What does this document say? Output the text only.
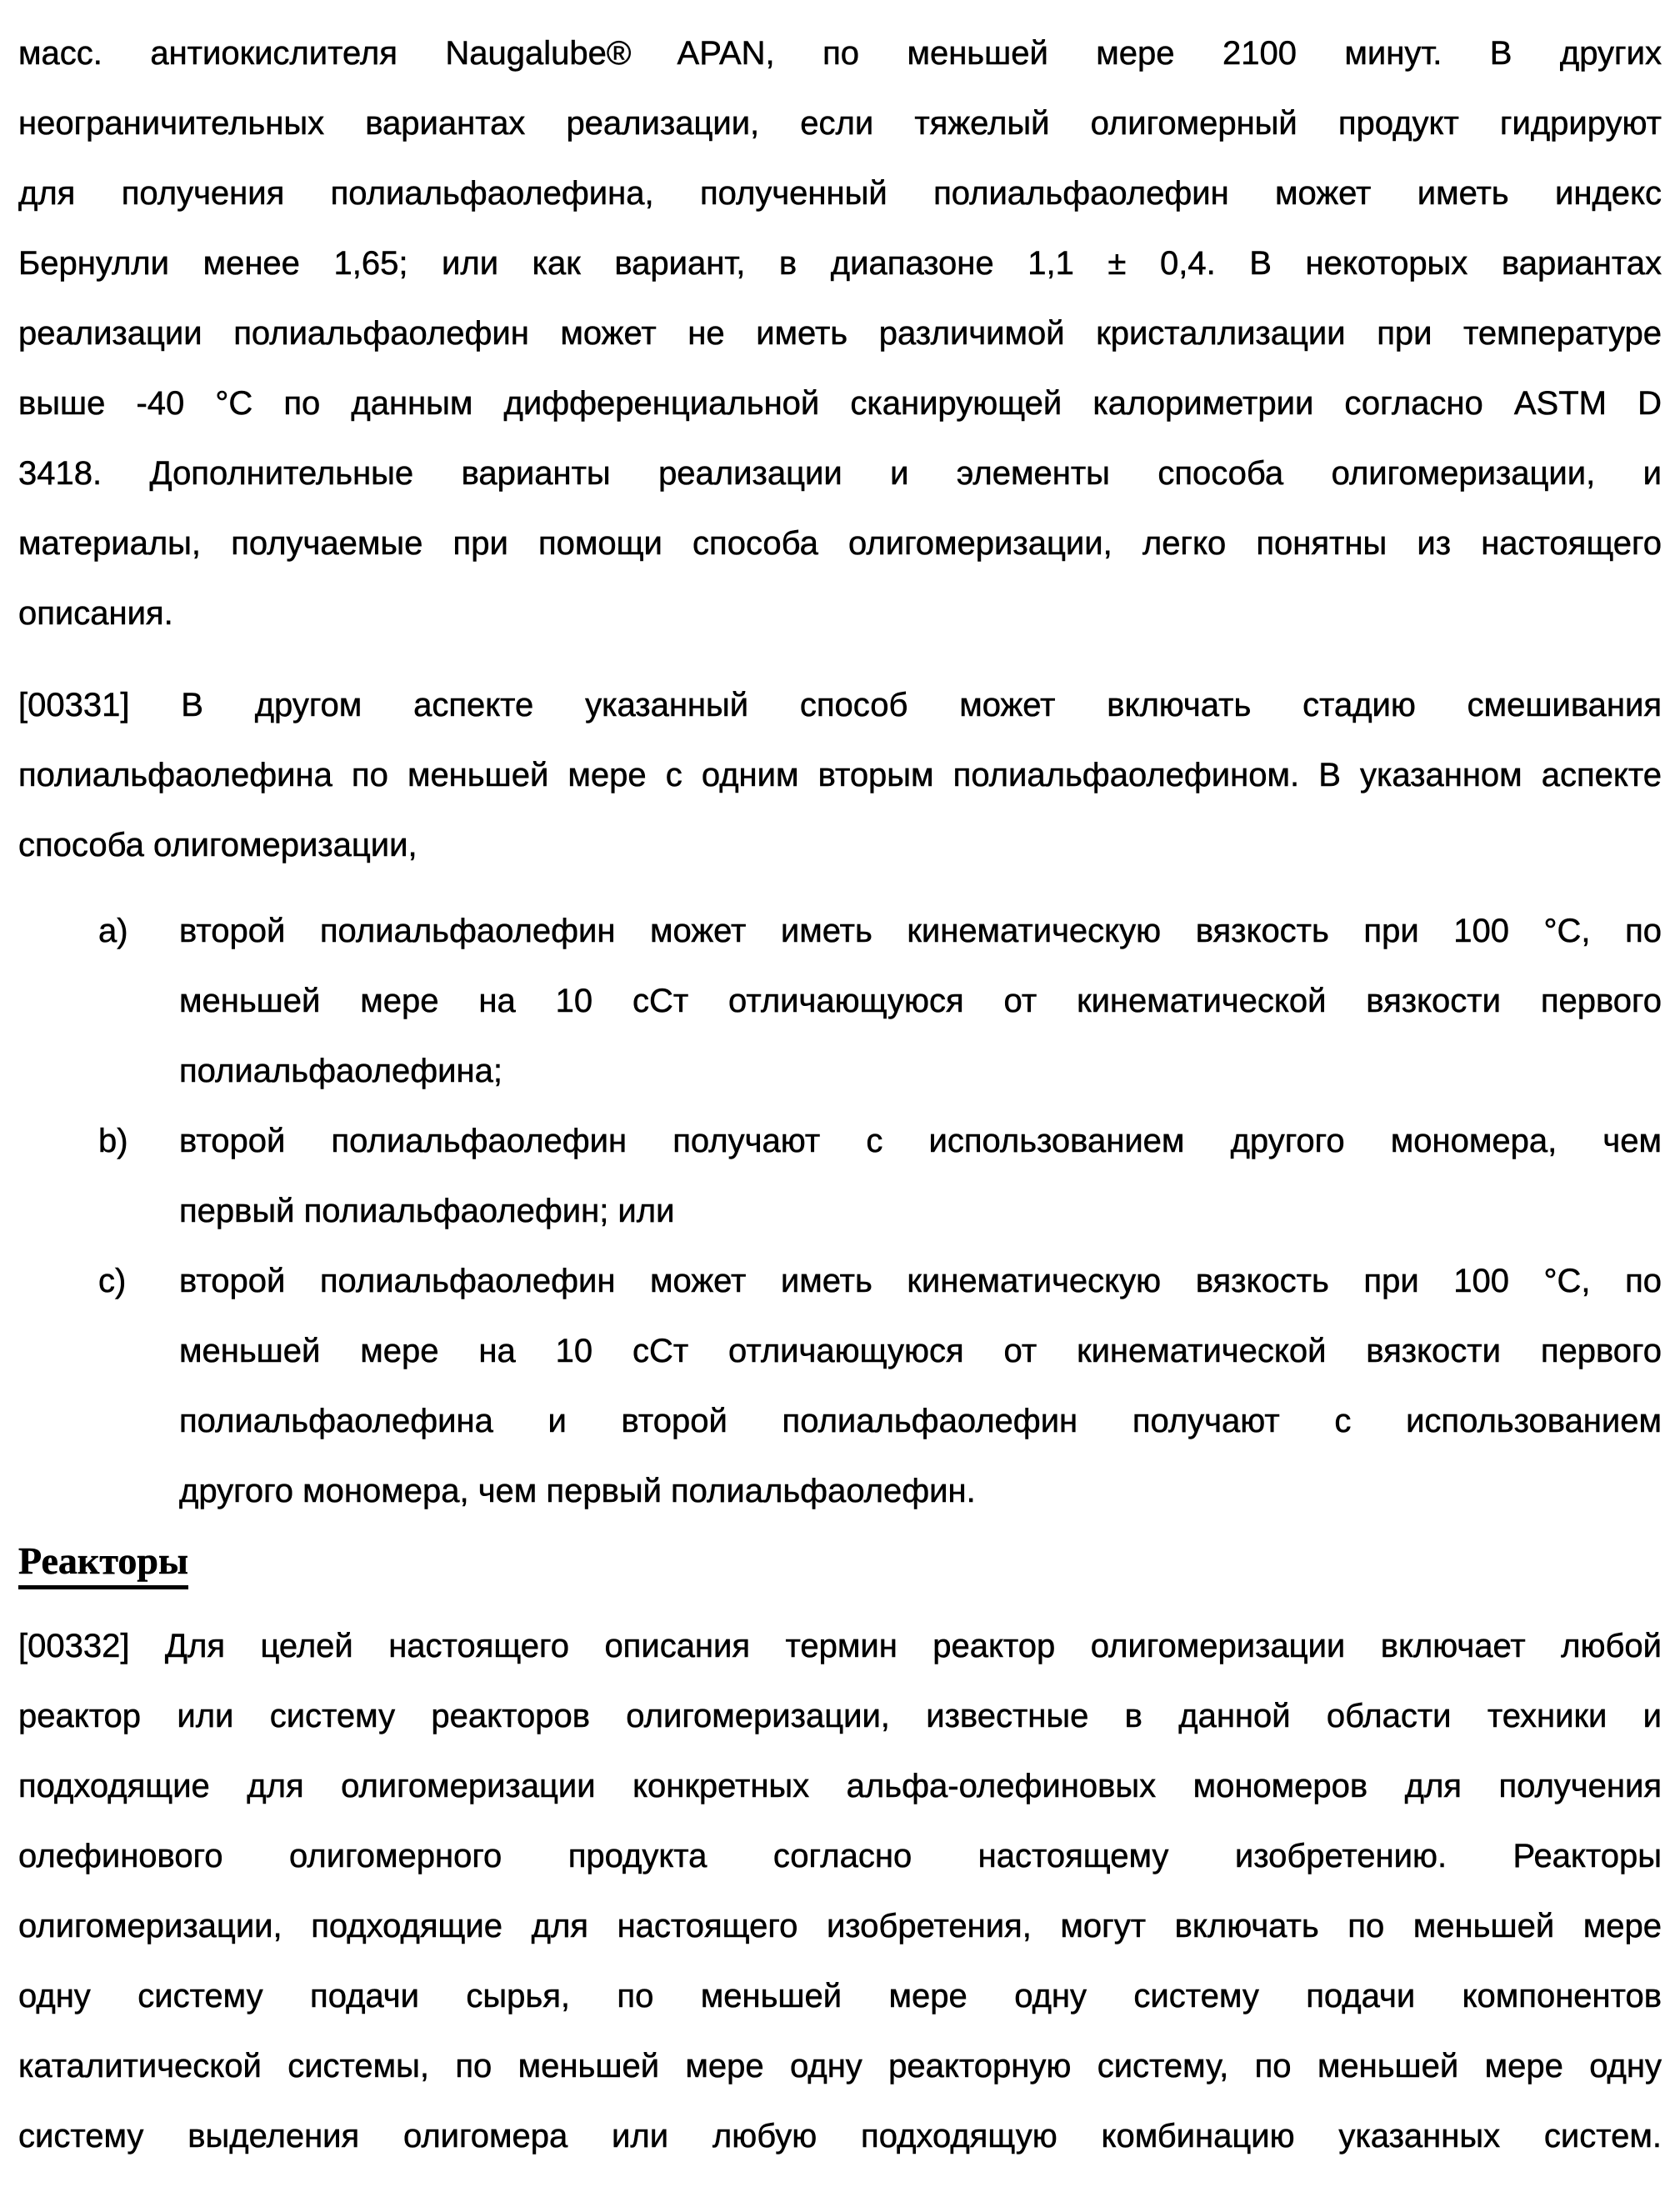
масс. антиокислителя Naugalube® APAN, по меньшей мере 2100 минут. В других
неограничительных вариантах реализации, если тяжелый олигомерный продукт гидрируют
для получения полиальфаолефина, полученный полиальфаолефин может иметь индекс
Бернулли менее 1,65; или как вариант, в диапазоне 1,1 ± 0,4. В некоторых вариантах
реализации полиальфаолефин может не иметь различимой кристаллизации при температуре
выше -40 °C по данным дифференциальной сканирующей калориметрии согласно ASTM D
3418. Дополнительные варианты реализации и элементы способа олигомеризации, и
материалы, получаемые при помощи способа олигомеризации, легко понятны из настоящего
описания.
[00331] В другом аспекте указанный способ может включать стадию смешивания
полиальфаолефина по меньшей мере с одним вторым полиальфаолефином. В указанном аспекте
способа олигомеризации,
a) второй полиальфаолефин может иметь кинематическую вязкость при 100 °C, по
меньшей мере на 10 сСт отличающуюся от кинематической вязкости первого
полиальфаолефина;
b) второй полиальфаолефин получают с использованием другого мономера, чем
первый полиальфаолефин; или
c) второй полиальфаолефин может иметь кинематическую вязкость при 100 °C, по
меньшей мере на 10 сСт отличающуюся от кинематической вязкости первого
полиальфаолефина и второй полиальфаолефин получают с использованием
другого мономера, чем первый полиальфаолефин.
Реакторы
[00332] Для целей настоящего описания термин реактор олигомеризации включает любой
реактор или систему реакторов олигомеризации, известные в данной области техники и
подходящие для олигомеризации конкретных альфа-олефиновых мономеров для получения
олефинового олигомерного продукта согласно настоящему изобретению. Реакторы
олигомеризации, подходящие для настоящего изобретения, могут включать по меньшей мере
одну систему подачи сырья, по меньшей мере одну систему подачи компонентов
каталитической системы, по меньшей мере одну реакторную систему, по меньшей мере одну
систему выделения олигомера или любую подходящую комбинацию указанных систем.
